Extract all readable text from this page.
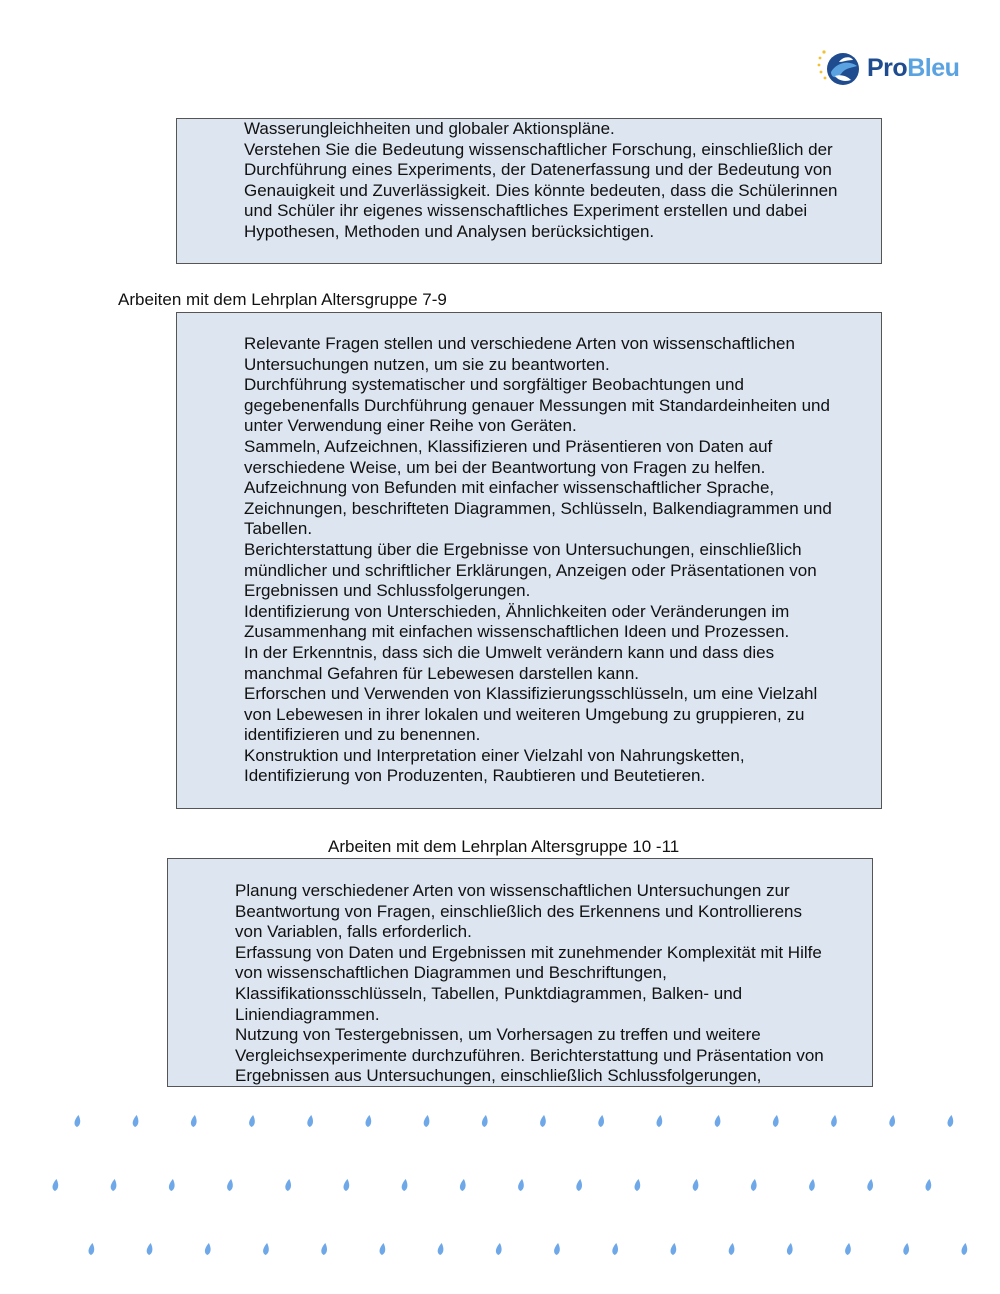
ProBleu
Wasserungleichheiten und globaler Aktionspläne.
Verstehen Sie die Bedeutung wissenschaftlicher Forschung, einschließlich der
Durchführung eines Experiments, der Datenerfassung und der Bedeutung von
Genauigkeit und Zuverlässigkeit. Dies könnte bedeuten, dass die Schülerinnen
und Schüler ihr eigenes wissenschaftliches Experiment erstellen und dabei
Hypothesen, Methoden und Analysen berücksichtigen.
Arbeiten mit dem Lehrplan Altersgruppe 7-9
Relevante Fragen stellen und verschiedene Arten von wissenschaftlichen
Untersuchungen nutzen, um sie zu beantworten.
Durchführung systematischer und sorgfältiger Beobachtungen und
gegebenenfalls Durchführung genauer Messungen mit Standardeinheiten und
unter Verwendung einer Reihe von Geräten.
Sammeln, Aufzeichnen, Klassifizieren und Präsentieren von Daten auf
verschiedene Weise, um bei der Beantwortung von Fragen zu helfen.
Aufzeichnung von Befunden mit einfacher wissenschaftlicher Sprache,
Zeichnungen, beschrifteten Diagrammen, Schlüsseln, Balkendiagrammen und
Tabellen.
Berichterstattung über die Ergebnisse von Untersuchungen, einschließlich
mündlicher und schriftlicher Erklärungen, Anzeigen oder Präsentationen von
Ergebnissen und Schlussfolgerungen.
Identifizierung von Unterschieden, Ähnlichkeiten oder Veränderungen im
Zusammenhang mit einfachen wissenschaftlichen Ideen und Prozessen.
In der Erkenntnis, dass sich die Umwelt verändern kann und dass dies
manchmal Gefahren für Lebewesen darstellen kann.
Erforschen und Verwenden von Klassifizierungsschlüsseln, um eine Vielzahl
von Lebewesen in ihrer lokalen und weiteren Umgebung zu gruppieren, zu
identifizieren und zu benennen.
Konstruktion und Interpretation einer Vielzahl von Nahrungsketten,
Identifizierung von Produzenten, Raubtieren und Beutetieren.
Arbeiten mit dem Lehrplan Altersgruppe 10 -11
Planung verschiedener Arten von wissenschaftlichen Untersuchungen zur
Beantwortung von Fragen, einschließlich des Erkennens und Kontrollierens
von Variablen, falls erforderlich.
Erfassung von Daten und Ergebnissen mit zunehmender Komplexität mit Hilfe
von wissenschaftlichen Diagrammen und Beschriftungen,
Klassifikationsschlüsseln, Tabellen, Punktdiagrammen, Balken- und
Liniendiagrammen.
Nutzung von Testergebnissen, um Vorhersagen zu treffen und weitere
Vergleichsexperimente durchzuführen. Berichterstattung und Präsentation von
Ergebnissen aus Untersuchungen, einschließlich Schlussfolgerungen,
